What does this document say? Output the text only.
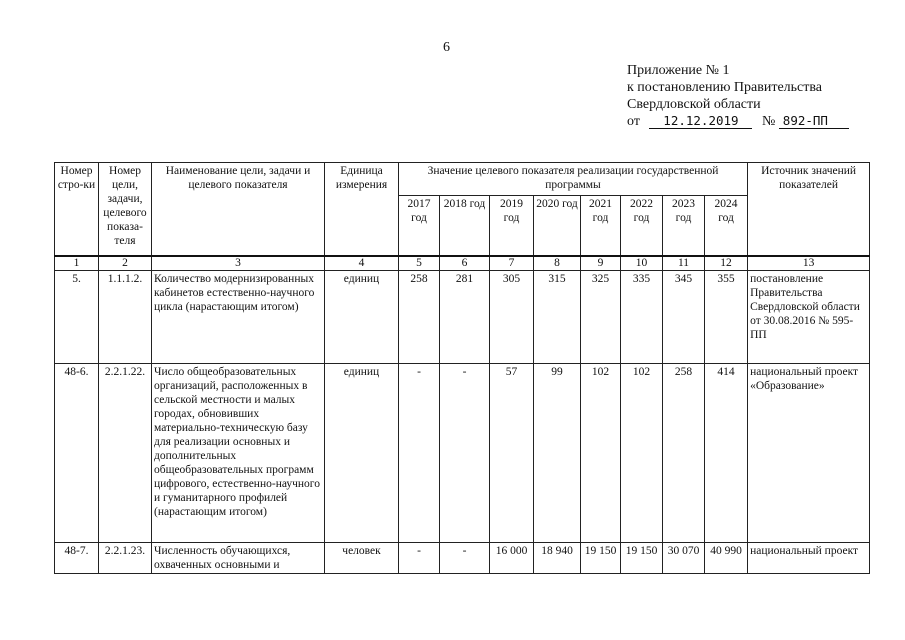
6
Приложение № 1
к постановлению Правительства
Свердловской области
от 12.12.2019 № 892-ПП
Номер стро-ки	Номер цели, задачи, целевого показа-теля	Наименование цели, задачи и целевого показателя	Единица измерения	Значение целевого показателя реализации государственной программы								Источник значений показателей
				2017 год	2018 год	2019 год	2020 год	2021 год	2022 год	2023 год	2024 год	
1	2	3	4	5	6	7	8	9	10	11	12	13
5.	1.1.1.2.	Количество модернизированных кабинетов естественно-научного цикла (нарастающим итогом)	единиц	258	281	305	315	325	335	345	355	постановление Правительства Свердловской области от 30.08.2016 № 595-ПП
48-6.	2.2.1.22.	Число общеобразовательных организаций, расположенных в сельской местности и малых городах, обновивших материально-техническую базу для реализации основных и дополнительных общеобразовательных программ цифрового, естественно-научного и гуманитарного профилей (нарастающим итогом)	единиц	-	-	57	99	102	102	258	414	национальный проект «Образование»
48-7.	2.2.1.23.	Численность обучающихся, охваченных основными и	человек	-	-	16 000	18 940	19 150	19 150	30 070	40 990	национальный проект
